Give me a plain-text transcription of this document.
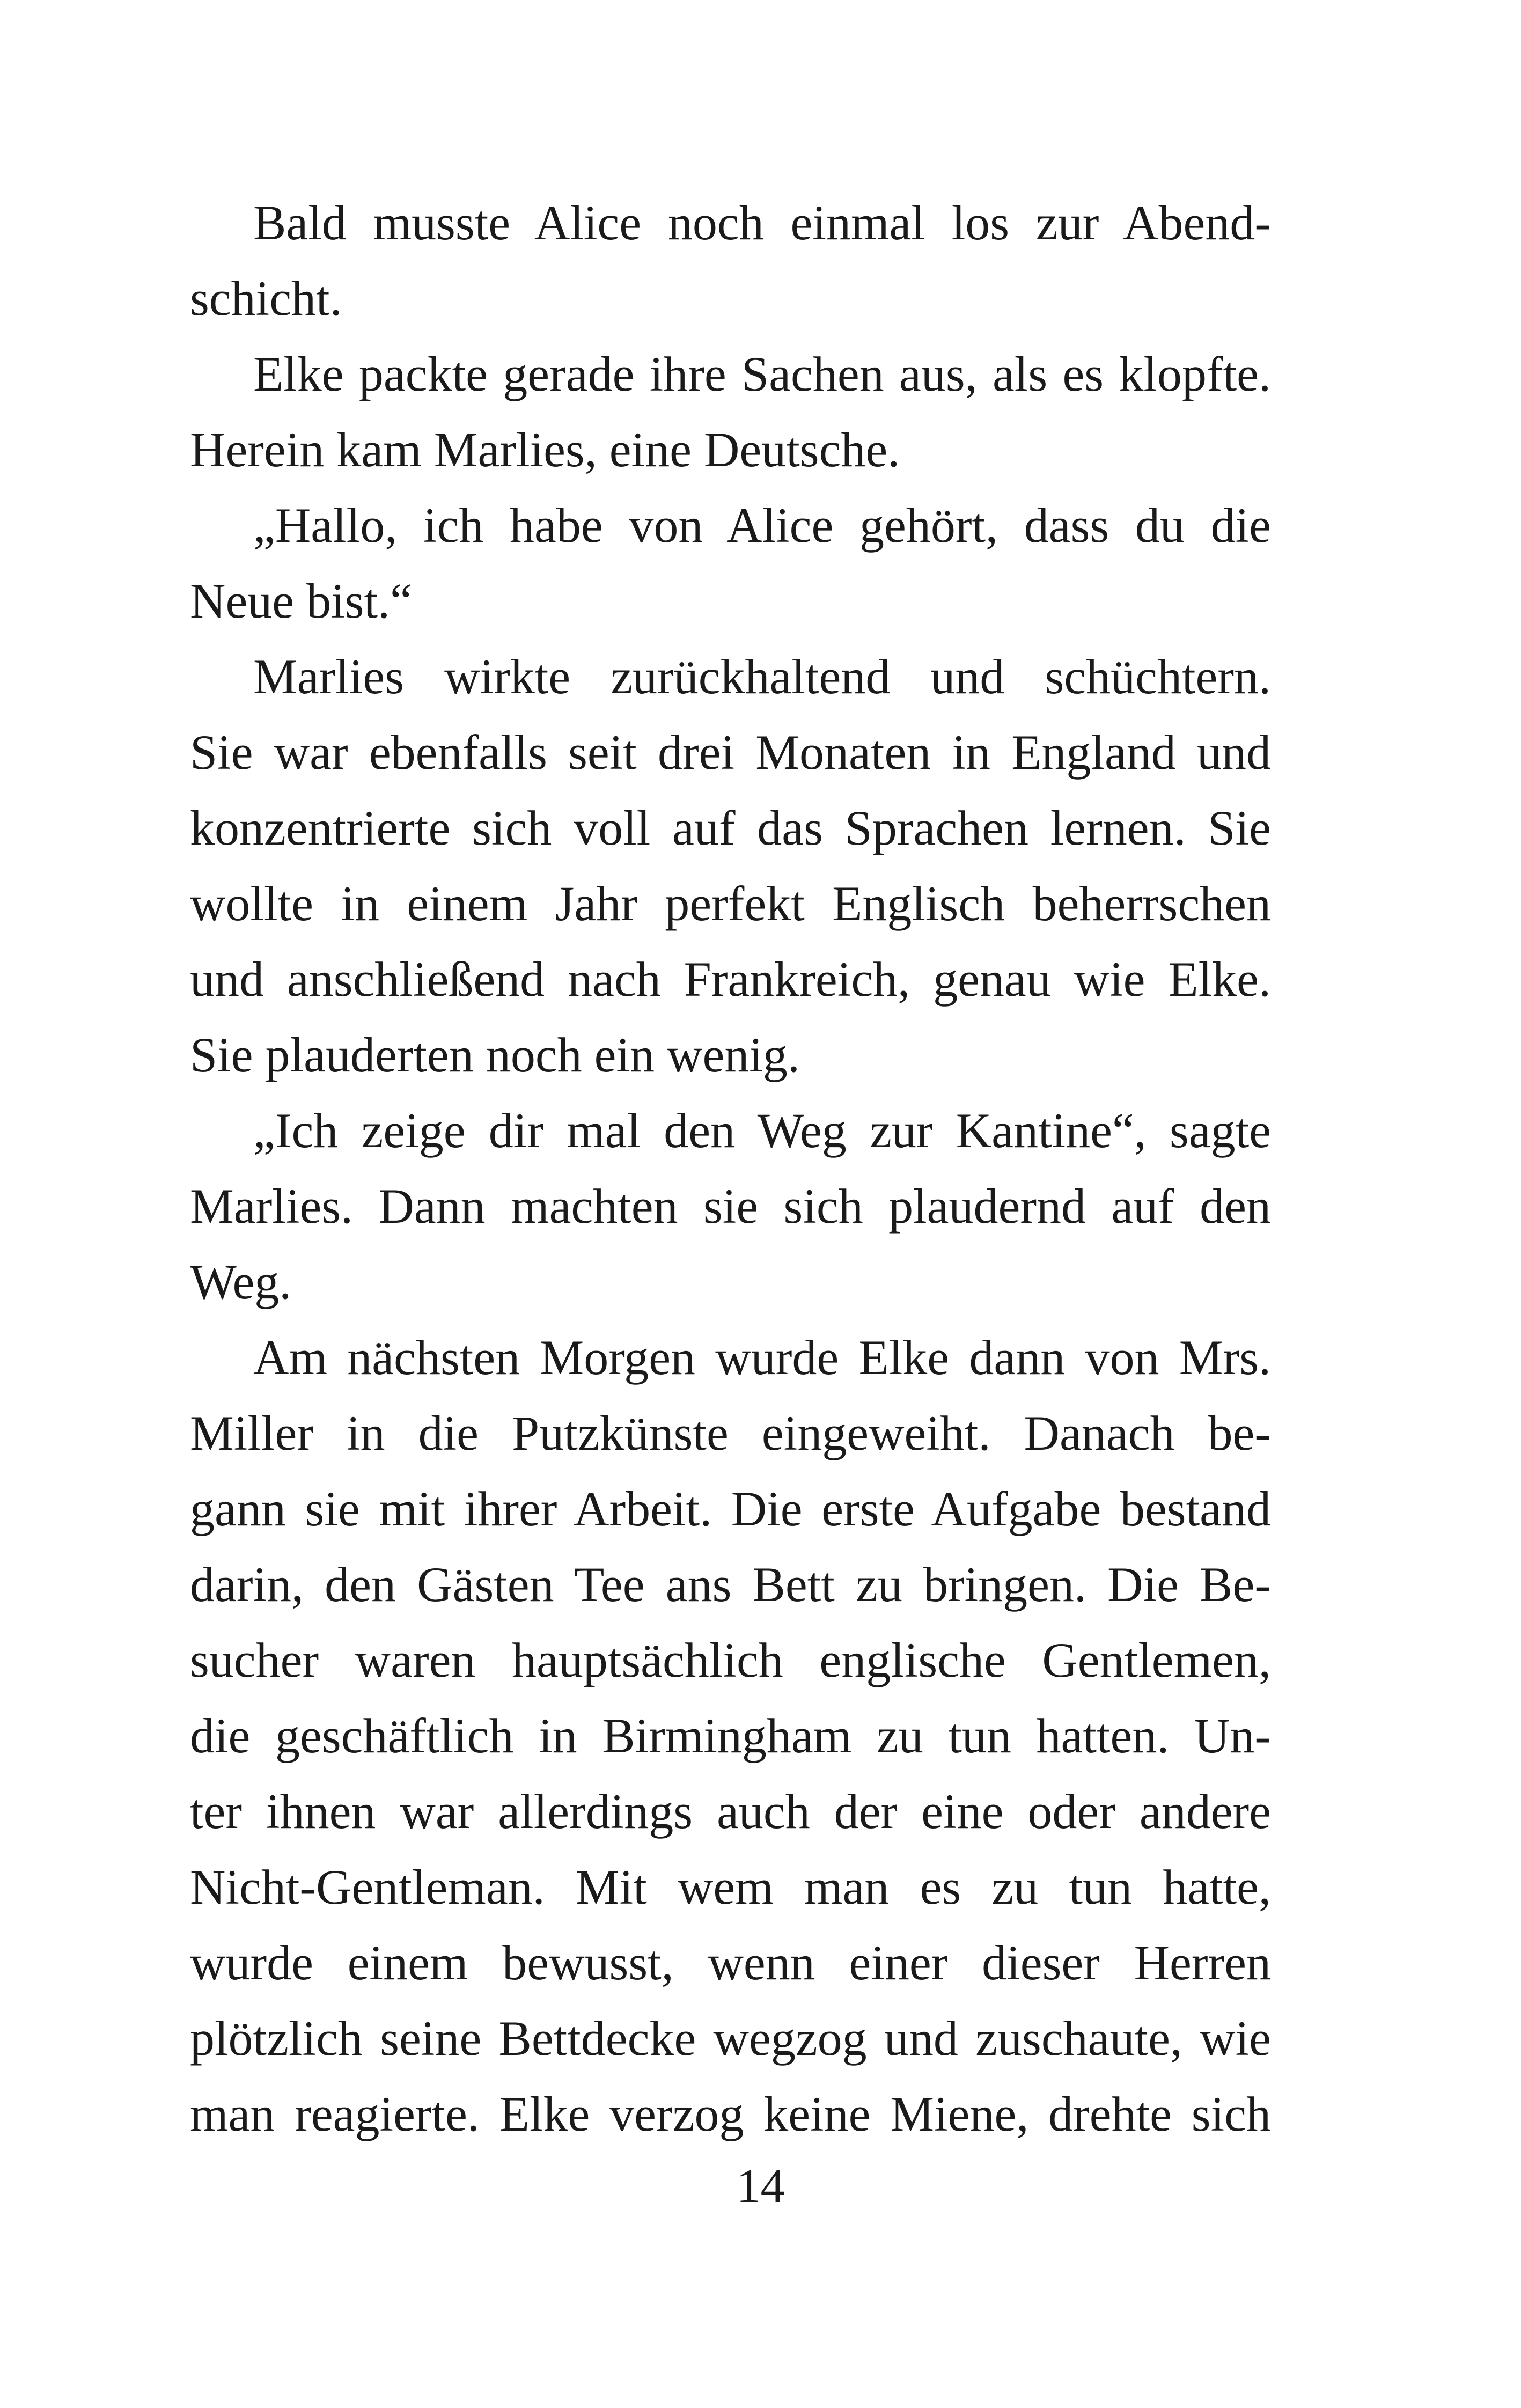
Bald musste Alice noch einmal los zur Abend-
schicht.
Elke packte gerade ihre Sachen aus, als es klopfte.
Herein kam Marlies, eine Deutsche.
„Hallo, ich habe von Alice gehört, dass du die
Neue bist.“
Marlies wirkte zurückhaltend und schüchtern.
Sie war ebenfalls seit drei Monaten in England und
konzentrierte sich voll auf das Sprachen lernen. Sie
wollte in einem Jahr perfekt Englisch beherrschen
und anschließend nach Frankreich, genau wie Elke.
Sie plauderten noch ein wenig.
„Ich zeige dir mal den Weg zur Kantine“, sagte
Marlies. Dann machten sie sich plaudernd auf den
Weg.
Am nächsten Morgen wurde Elke dann von Mrs.
Miller in die Putzkünste eingeweiht. Danach be-
gann sie mit ihrer Arbeit. Die erste Aufgabe bestand
darin, den Gästen Tee ans Bett zu bringen. Die Be-
sucher waren hauptsächlich englische Gentlemen,
die geschäftlich in Birmingham zu tun hatten. Un-
ter ihnen war allerdings auch der eine oder andere
Nicht-Gentleman. Mit wem man es zu tun hatte,
wurde einem bewusst, wenn einer dieser Herren
plötzlich seine Bettdecke wegzog und zuschaute, wie
man reagierte. Elke verzog keine Miene, drehte sich
14
